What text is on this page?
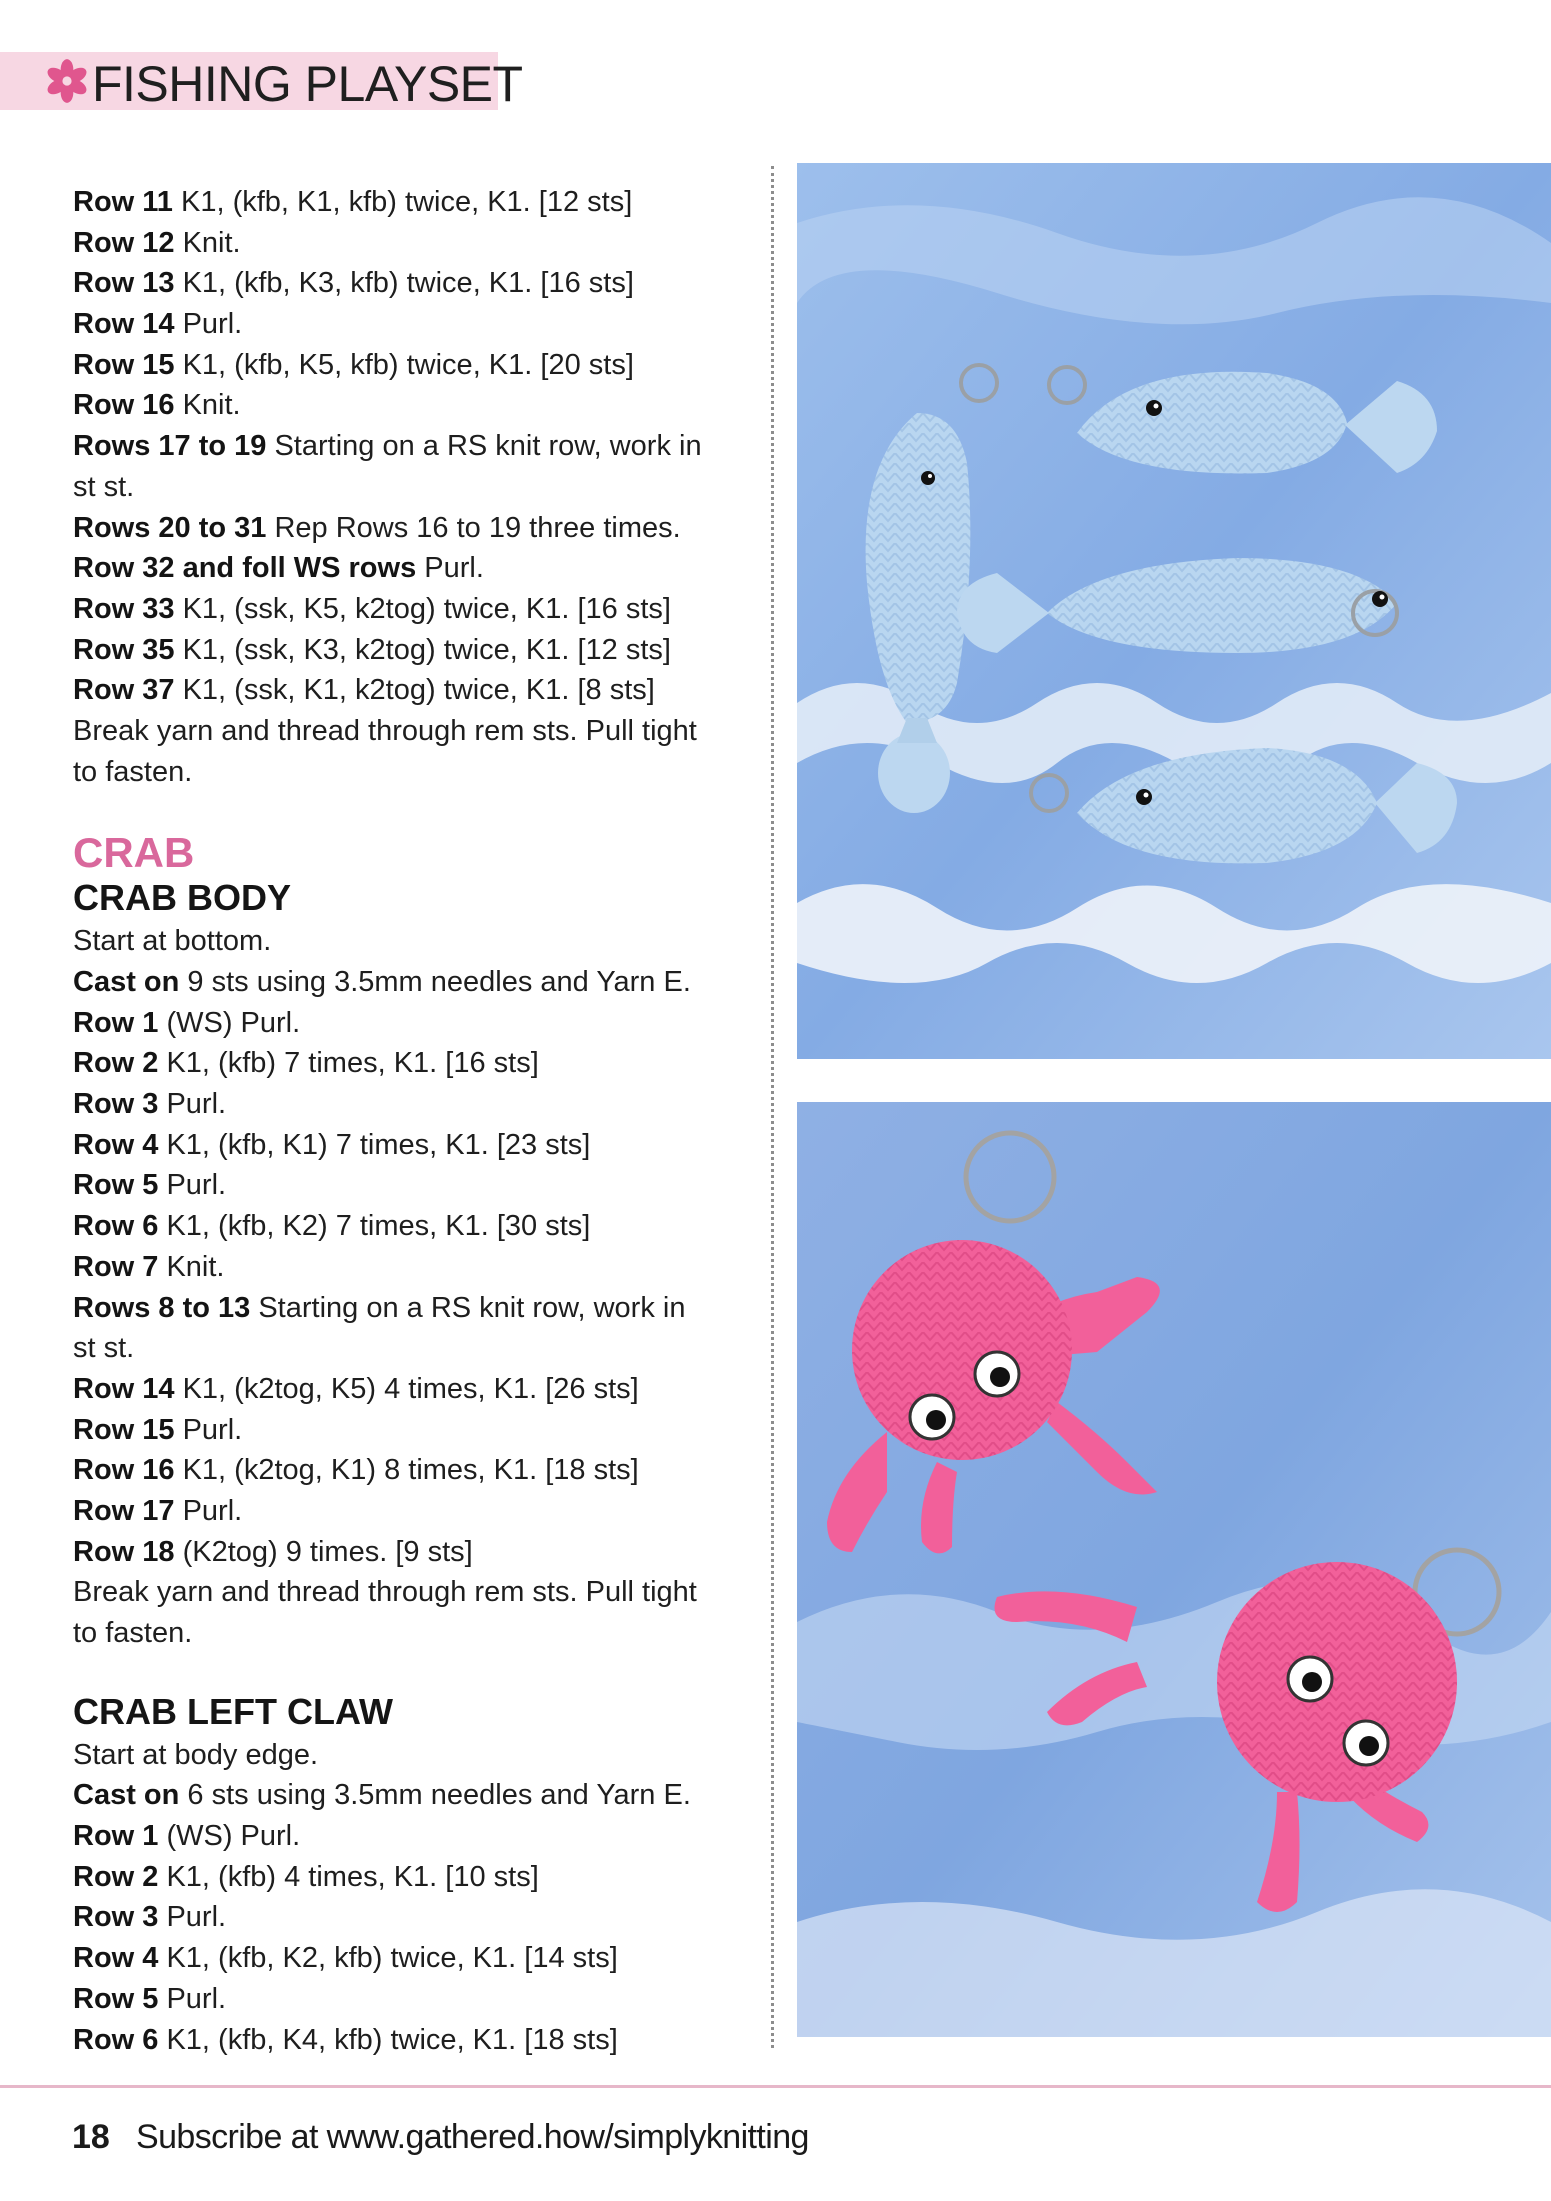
FISHING PLAYSET
Row 11 K1, (kfb, K1, kfb) twice, K1. [12 sts]
Row 12 Knit.
Row 13 K1, (kfb, K3, kfb) twice, K1. [16 sts]
Row 14 Purl.
Row 15 K1, (kfb, K5, kfb) twice, K1. [20 sts]
Row 16 Knit.
Rows 17 to 19 Starting on a RS knit row, work in
st st.
Rows 20 to 31 Rep Rows 16 to 19 three times.
Row 32 and foll WS rows Purl.
Row 33 K1, (ssk, K5, k2tog) twice, K1. [16 sts]
Row 35 K1, (ssk, K3, k2tog) twice, K1. [12 sts]
Row 37 K1, (ssk, K1, k2tog) twice, K1. [8 sts]
Break yarn and thread through rem sts. Pull tight
to fasten.
CRAB
CRAB BODY
Start at bottom.
Cast on 9 sts using 3.5mm needles and Yarn E.
Row 1 (WS) Purl.
Row 2 K1, (kfb) 7 times, K1. [16 sts]
Row 3 Purl.
Row 4 K1, (kfb, K1) 7 times, K1. [23 sts]
Row 5 Purl.
Row 6 K1, (kfb, K2) 7 times, K1. [30 sts]
Row 7 Knit.
Rows 8 to 13 Starting on a RS knit row, work in
st st.
Row 14 K1, (k2tog, K5) 4 times, K1. [26 sts]
Row 15 Purl.
Row 16 K1, (k2tog, K1) 8 times, K1. [18 sts]
Row 17 Purl.
Row 18 (K2tog) 9 times. [9 sts]
Break yarn and thread through rem sts. Pull tight
to fasten.
CRAB LEFT CLAW
Start at body edge.
Cast on 6 sts using 3.5mm needles and Yarn E.
Row 1 (WS) Purl.
Row 2 K1, (kfb) 4 times, K1. [10 sts]
Row 3 Purl.
Row 4 K1, (kfb, K2, kfb) twice, K1. [14 sts]
Row 5 Purl.
Row 6 K1, (kfb, K4, kfb) twice, K1. [18 sts]
18 Subscribe at www.gathered.how/simplyknitting
